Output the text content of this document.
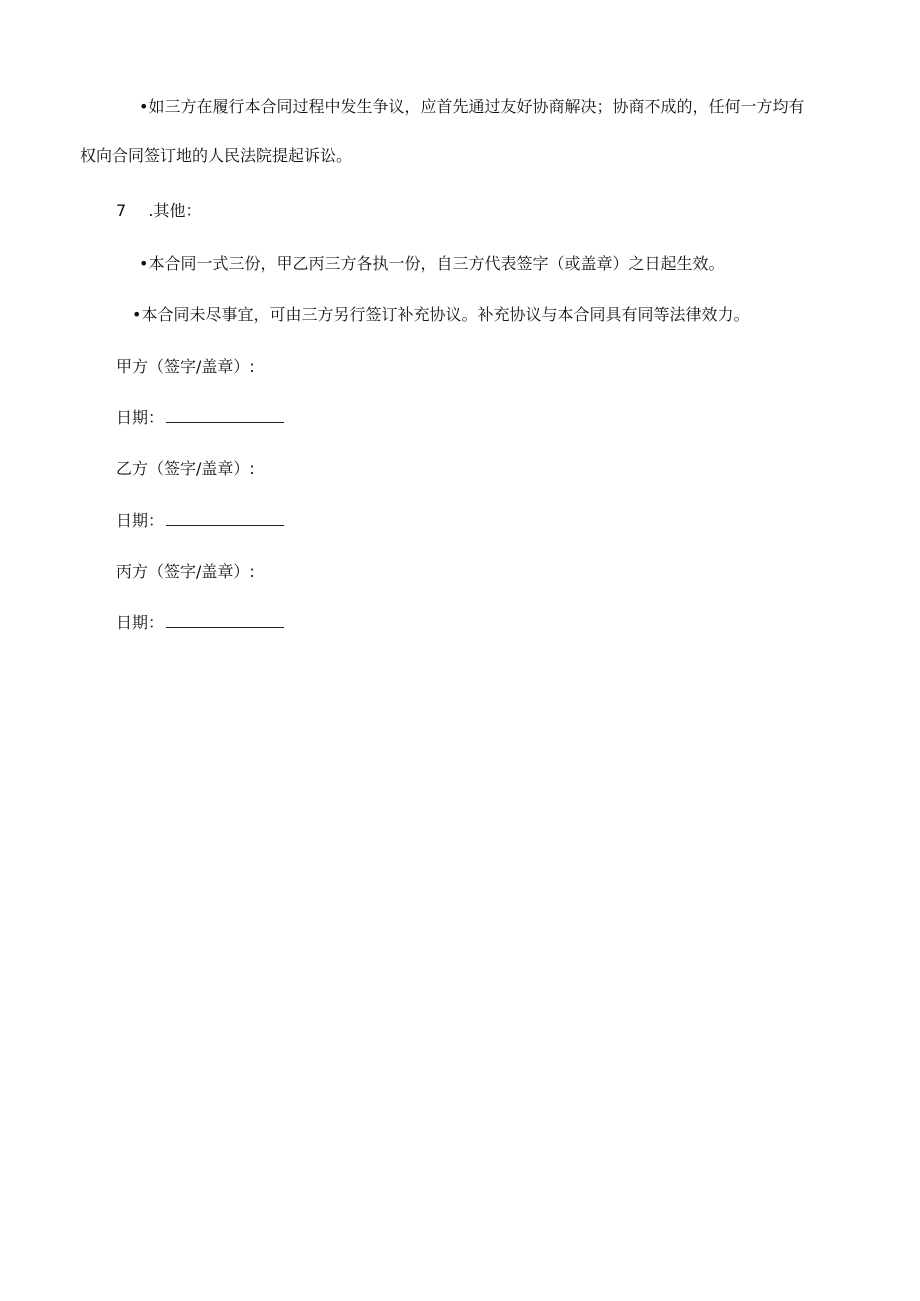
•如三方在履行本合同过程中发生争议，应首先通过友好协商解决；协商不成的，任何一方均有
权向合同签订地的人民法院提起诉讼。
7 .其他：
•本合同一式三份，甲乙丙三方各执一份，自三方代表签字（或盖章）之日起生效。
•本合同未尽事宜，可由三方另行签订补充协议。补充协议与本合同具有同等法律效力。
甲方（签字/盖章）:
日期：
乙方（签字/盖章）:
日期：
丙方（签字/盖章）:
日期：
